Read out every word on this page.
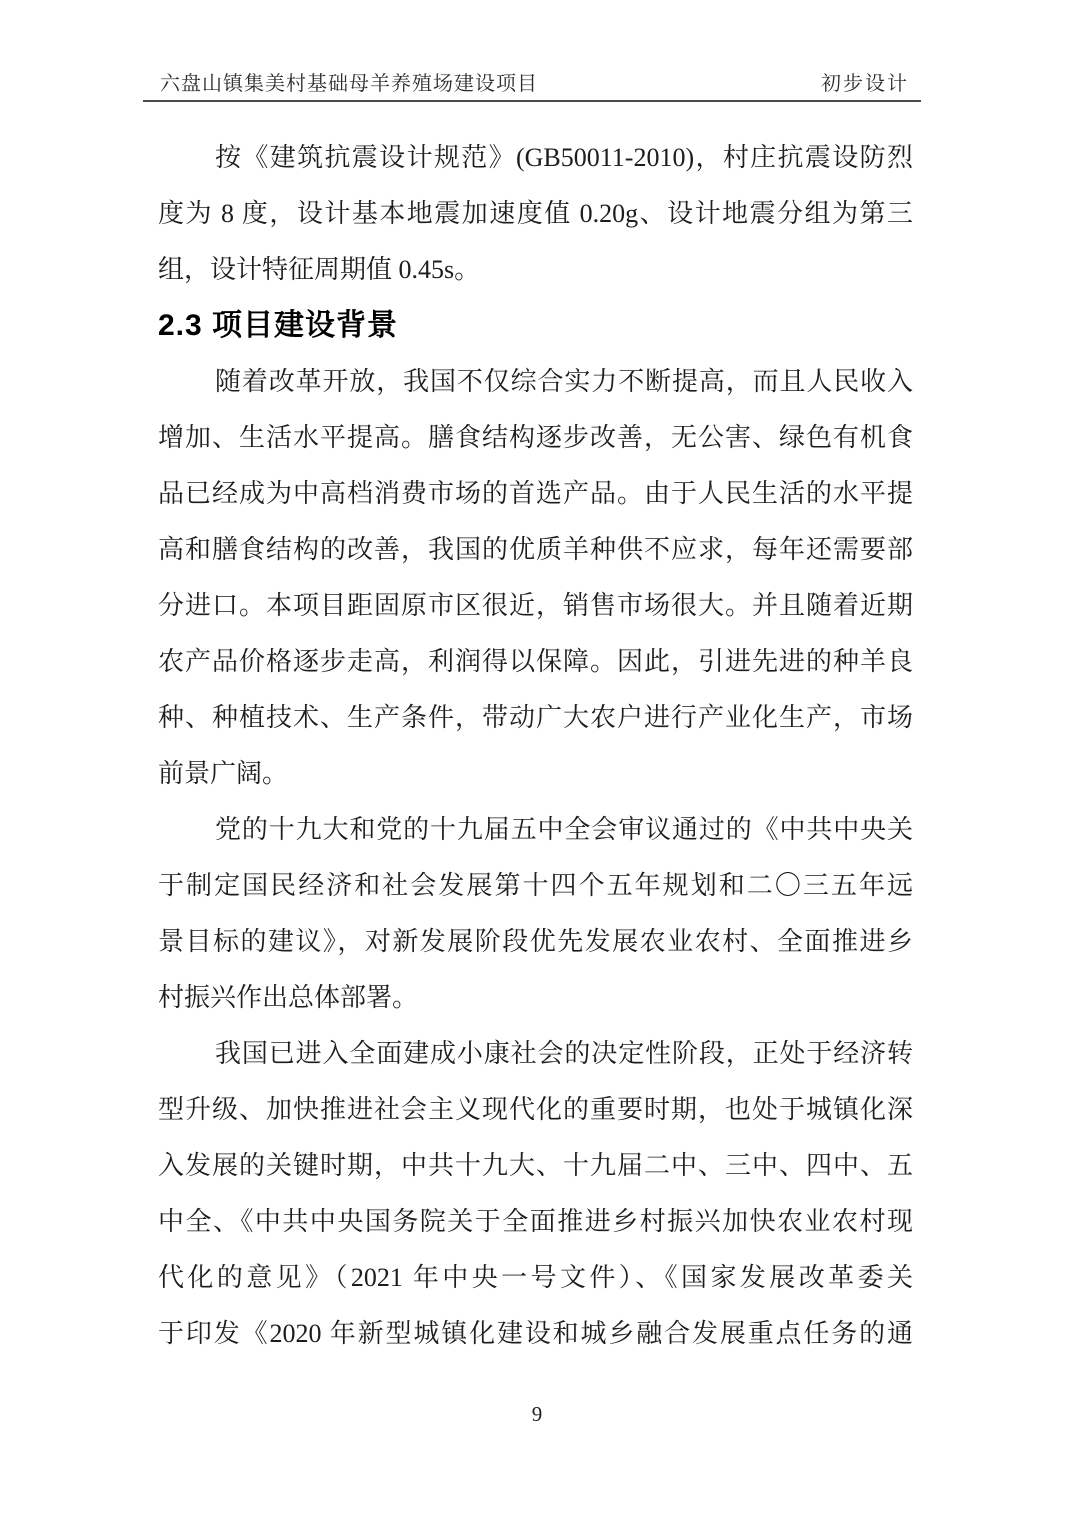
六盘山镇集美村基础母羊养殖场建设项目	初步设计
按《建筑抗震设计规范》(GB50011-2010)，村庄抗震设防烈
度为 8 度，设计基本地震加速度值 0.20g、设计地震分组为第三
组，设计特征周期值 0.45s。
2.3 项目建设背景
随着改革开放，我国不仅综合实力不断提高，而且人民收入
增加、生活水平提高。膳食结构逐步改善，无公害、绿色有机食
品已经成为中高档消费市场的首选产品。由于人民生活的水平提
高和膳食结构的改善，我国的优质羊种供不应求，每年还需要部
分进口。本项目距固原市区很近，销售市场很大。并且随着近期
农产品价格逐步走高，利润得以保障。因此，引进先进的种羊良
种、种植技术、生产条件，带动广大农户进行产业化生产，市场
前景广阔。
党的十九大和党的十九届五中全会审议通过的《中共中央关
于制定国民经济和社会发展第十四个五年规划和二〇三五年远
景目标的建议》，对新发展阶段优先发展农业农村、全面推进乡
村振兴作出总体部署。
我国已进入全面建成小康社会的决定性阶段，正处于经济转
型升级、加快推进社会主义现代化的重要时期，也处于城镇化深
入发展的关键时期，中共十九大、十九届二中、三中、四中、五
中全、《中共中央国务院关于全面推进乡村振兴加快农业农村现
代化的意见》（2021 年中央一号文件）、《国家发展改革委关
于印发《2020 年新型城镇化建设和城乡融合发展重点任务的通
9
